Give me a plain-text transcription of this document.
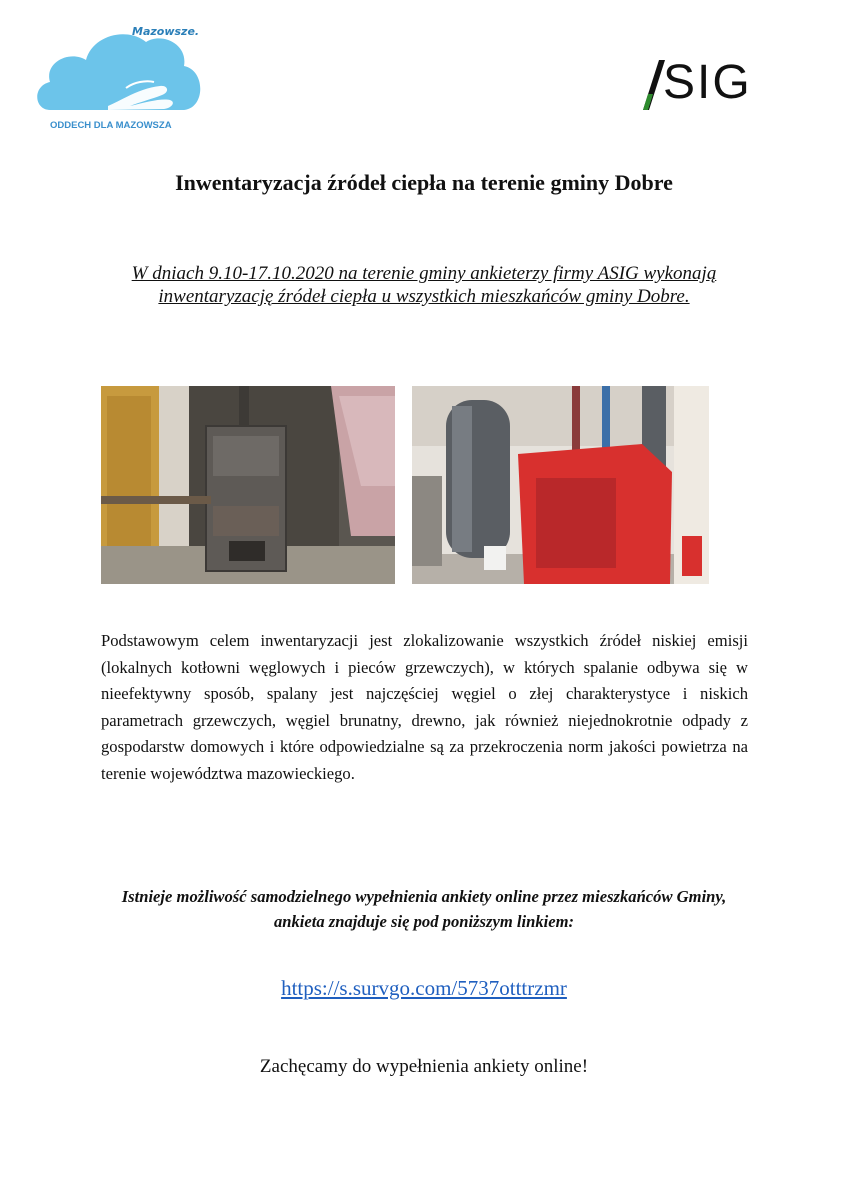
Mazowsze.
ODDECH DLA MAZOWSZA
SIG
Inwentaryzacja źródeł ciepła na terenie gminy Dobre

W dniach 9.10-17.10.2020 na terenie gminy ankieterzy firmy ASIG wykonają inwentaryzację źródeł ciepła u wszystkich mieszkańców gminy Dobre.

Podstawowym celem inwentaryzacji jest zlokalizowanie wszystkich źródeł niskiej emisji (lokalnych kotłowni węglowych i pieców grzewczych), w których spalanie odbywa się w nieefektywny sposób, spalany jest najczęściej węgiel o złej charakterystyce i niskich parametrach grzewczych, węgiel brunatny, drewno, jak również niejednokrotnie odpady z gospodarstw domowych i które odpowiedzialne są za przekroczenia norm jakości powietrza na terenie województwa mazowieckiego.

Istnieje możliwość samodzielnego wypełnienia ankiety online przez mieszkańców Gminy, ankieta znajduje się pod poniższym linkiem:

https://s.survgo.com/5737otttrzmr

Zachęcamy do wypełnienia ankiety online!
